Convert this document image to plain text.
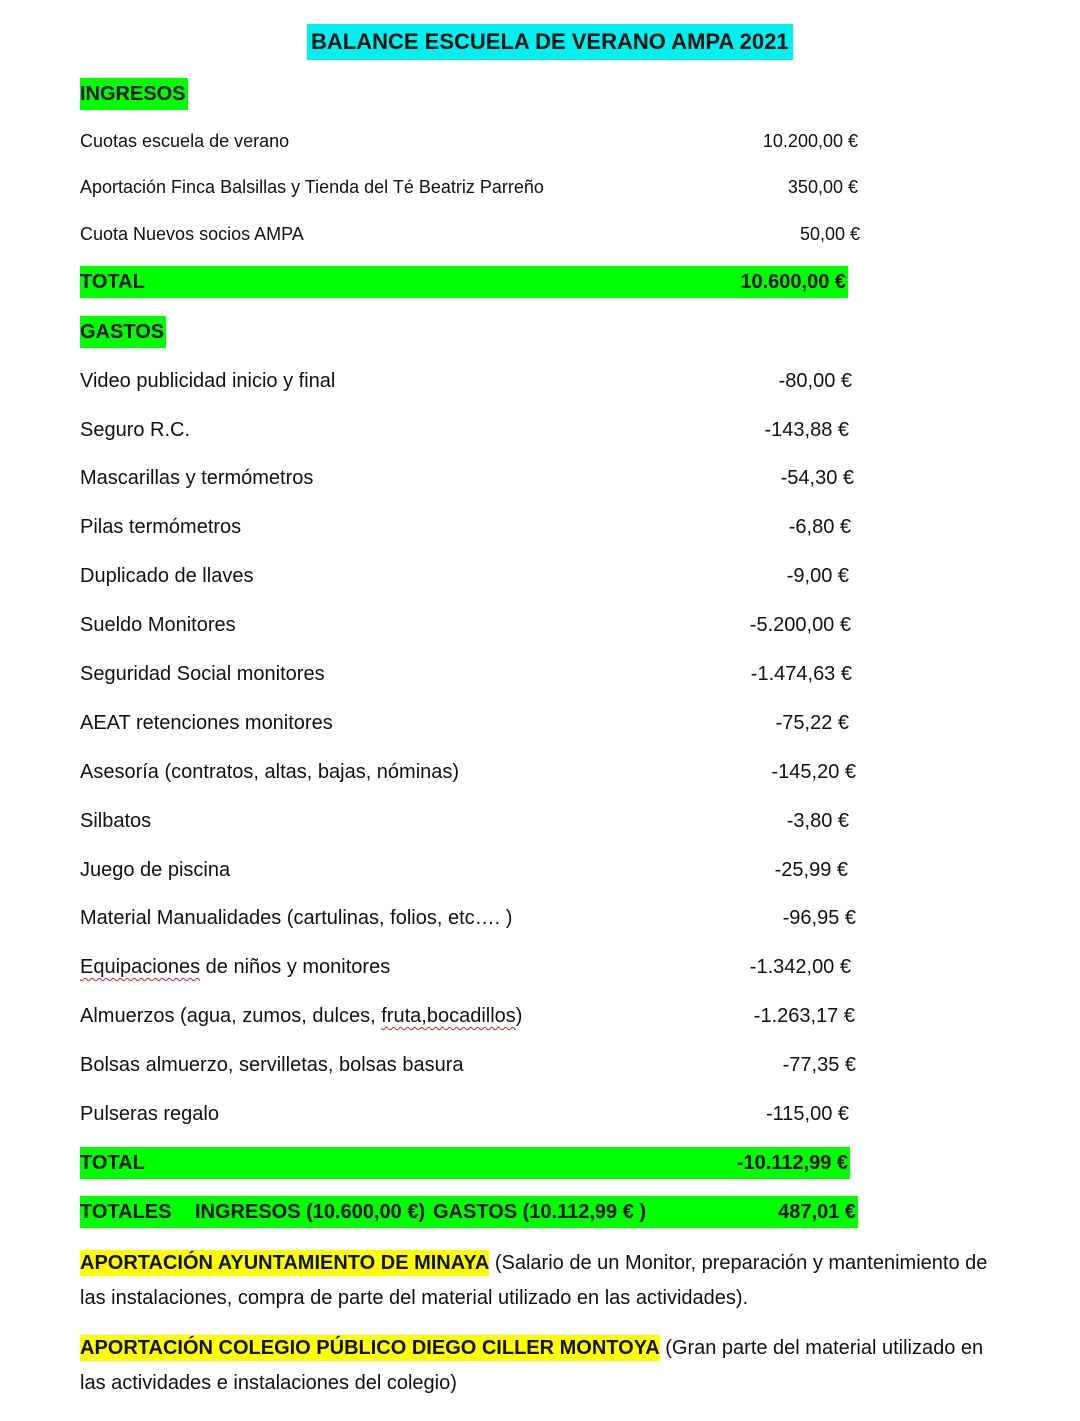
BALANCE ESCUELA DE VERANO AMPA 2021
INGRESOS
Cuotas escuela de verano	10.200,00 €
Aportación Finca Balsillas y Tienda del Té Beatriz Parreño	350,00 €
Cuota Nuevos socios AMPA	50,00 €
TOTAL	10.600,00 €
GASTOS
Video publicidad inicio y final	-80,00 €
Seguro R.C.	-143,88 €
Mascarillas y termómetros	-54,30 €
Pilas termómetros	-6,80 €
Duplicado de llaves	-9,00 €
Sueldo Monitores	-5.200,00 €
Seguridad Social monitores	-1.474,63 €
AEAT retenciones monitores	-75,22 €
Asesoría (contratos, altas, bajas, nóminas)	-145,20 €
Silbatos	-3,80 €
Juego de piscina	-25,99 €
Material Manualidades (cartulinas, folios, etc…. )	-96,95 €
Equipaciones de niños y monitores	-1.342,00 €
Almuerzos (agua, zumos, dulces, fruta,bocadillos)	-1.263,17 €
Bolsas almuerzo, servilletas, bolsas basura	-77,35 €
Pulseras regalo	-115,00 €
TOTAL	-10.112,99 €
TOTALES INGRESOS (10.600,00 €) GASTOS (10.112,99 € )	487,01 €
APORTACIÓN AYUNTAMIENTO DE MINAYA (Salario de un Monitor, preparación y mantenimiento de las instalaciones, compra de parte del material utilizado en las actividades).
APORTACIÓN COLEGIO PÚBLICO DIEGO CILLER MONTOYA (Gran parte del material utilizado en las actividades e instalaciones del colegio)
